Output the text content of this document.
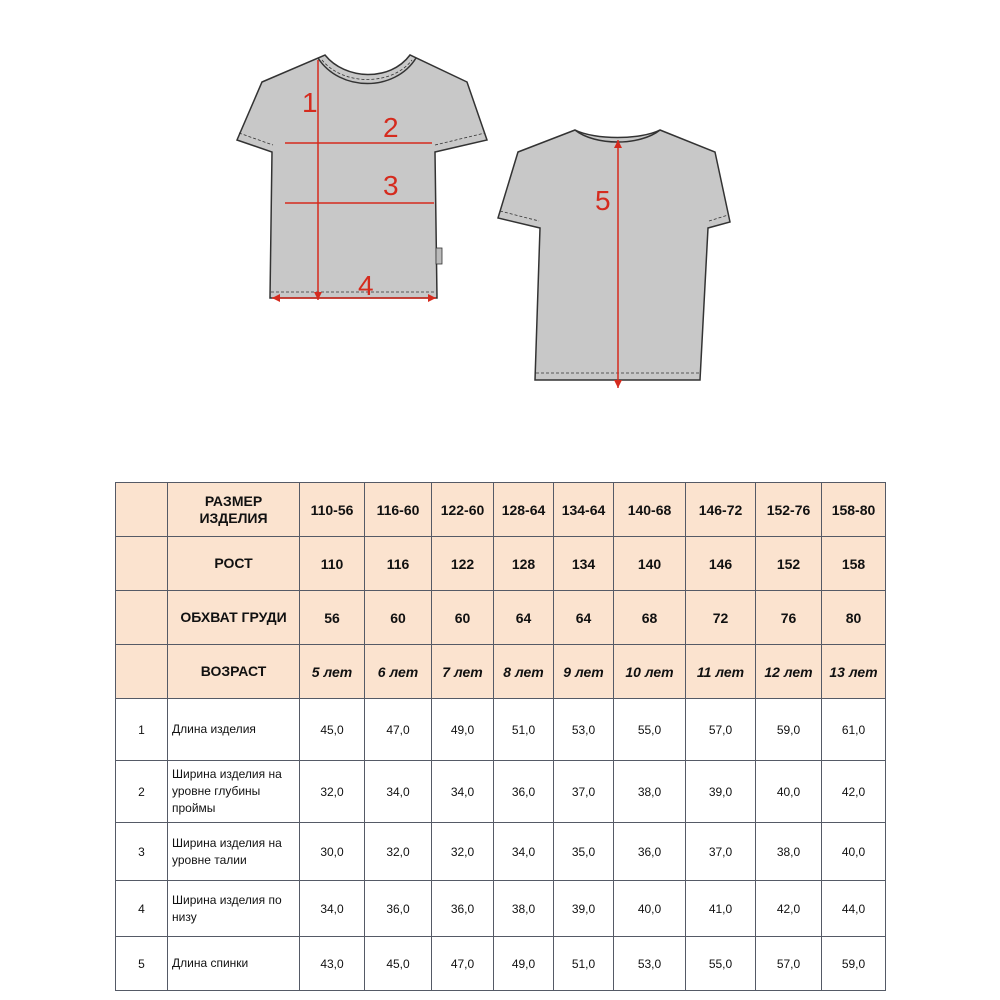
1
2
3
4
5
	РАЗМЕР ИЗДЕЛИЯ	110-56	116-60	122-60	128-64	134-64	140-68	146-72	152-76	158-80
	РОСТ	110	116	122	128	134	140	146	152	158
	ОБХВАТ ГРУДИ	56	60	60	64	64	68	72	76	80
	ВОЗРАСТ	5 лет	6 лет	7 лет	8 лет	9 лет	10 лет	11 лет	12 лет	13 лет
1	Длина изделия	45,0	47,0	49,0	51,0	53,0	55,0	57,0	59,0	61,0
2	Ширина изделия на уровне глубины проймы	32,0	34,0	34,0	36,0	37,0	38,0	39,0	40,0	42,0
3	Ширина изделия на уровне талии	30,0	32,0	32,0	34,0	35,0	36,0	37,0	38,0	40,0
4	Ширина изделия по низу	34,0	36,0	36,0	38,0	39,0	40,0	41,0	42,0	44,0
5	Длина спинки	43,0	45,0	47,0	49,0	51,0	53,0	55,0	57,0	59,0
